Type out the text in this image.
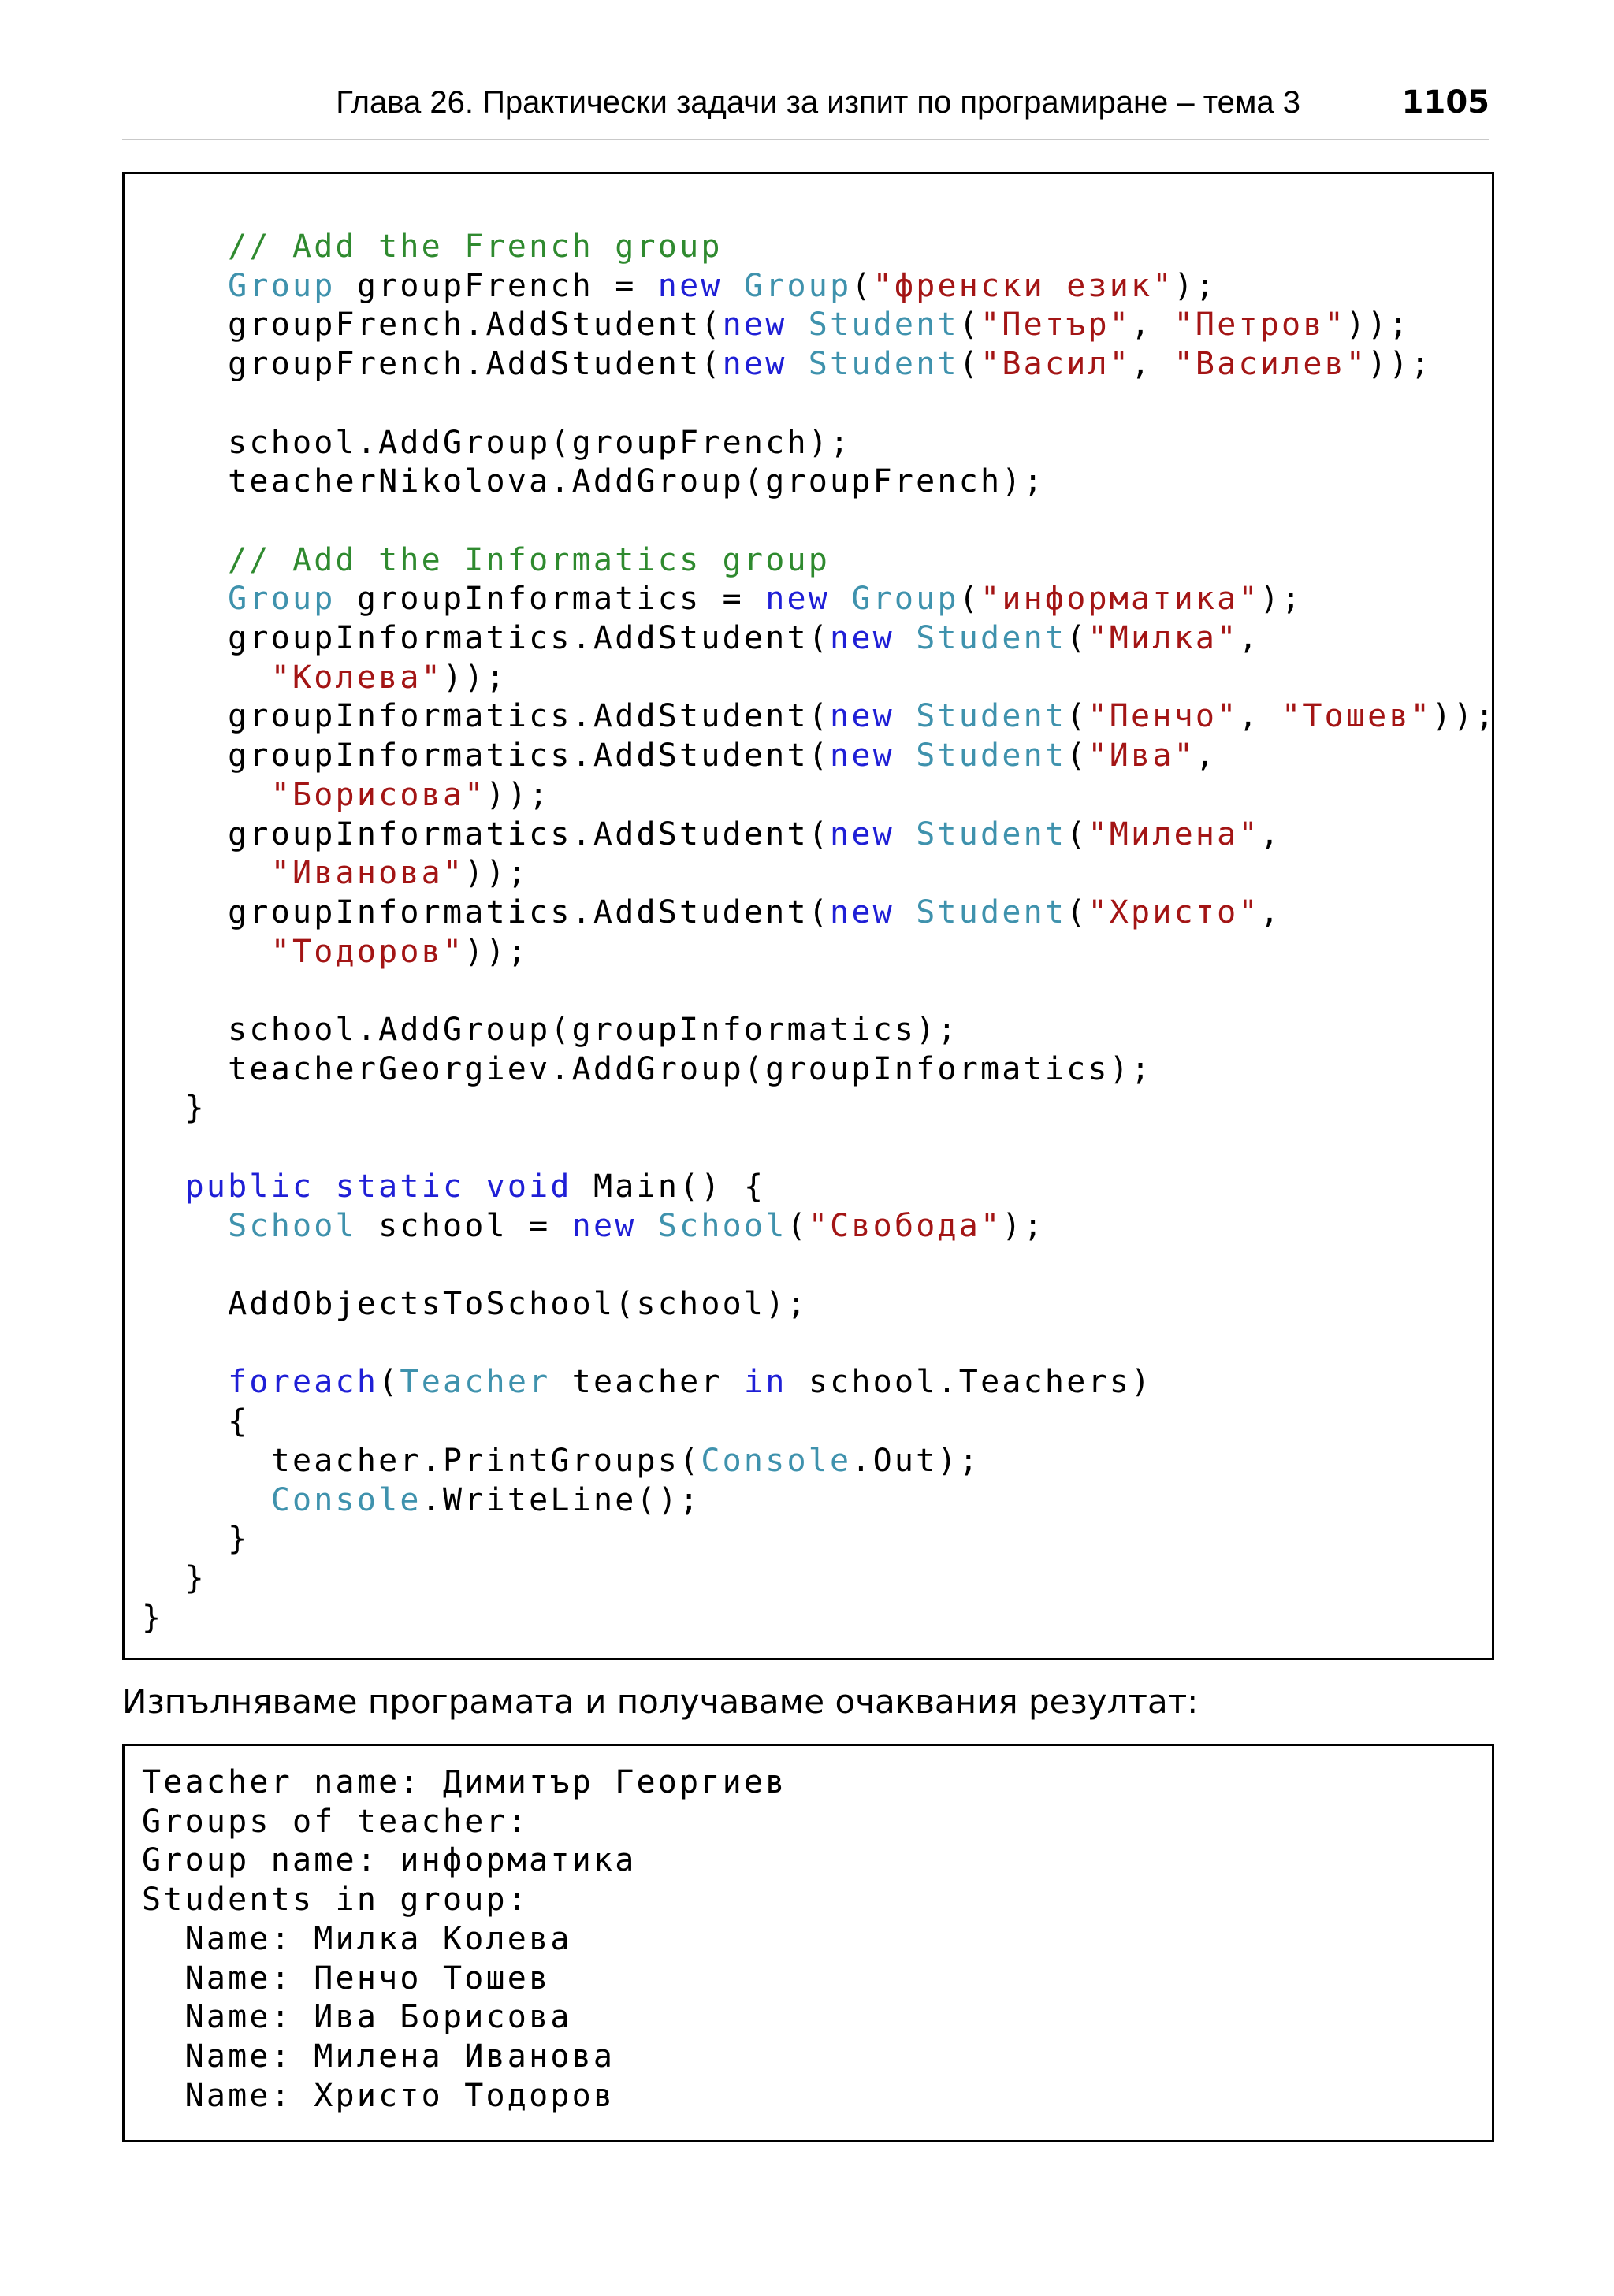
Глава 26. Практически задачи за изпит по програмиране – тема 3	1105
// Add the French group
Group groupFrench = new Group("френски език");
groupFrench.AddStudent(new Student("Петър", "Петров"));
groupFrench.AddStudent(new Student("Васил", "Василев"));

school.AddGroup(groupFrench);
teacherNikolova.AddGroup(groupFrench);

// Add the Informatics group
Group groupInformatics = new Group("информатика");
groupInformatics.AddStudent(new Student("Милка",
"Колева"));
groupInformatics.AddStudent(new Student("Пенчо", "Тошев"));
groupInformatics.AddStudent(new Student("Ива",
"Борисова"));
groupInformatics.AddStudent(new Student("Милена",
"Иванова"));
groupInformatics.AddStudent(new Student("Христо",
"Тодоров"));

school.AddGroup(groupInformatics);
teacherGeorgiev.AddGroup(groupInformatics);
}

public static void Main() {
School school = new School("Свобода");

AddObjectsToSchool(school);

foreach(Teacher teacher in school.Teachers)
{
teacher.PrintGroups(Console.Out);
Console.WriteLine();
}
}
}

Изпълняваме програмата и получаваме очаквания резултат:
Teacher name: Димитър Георгиев
Groups of teacher:
Group name: информатика
Students in group:
Name: Милка Колева
Name: Пенчо Тошев
Name: Ива Борисова
Name: Милена Иванова
Name: Христо Тодоров
